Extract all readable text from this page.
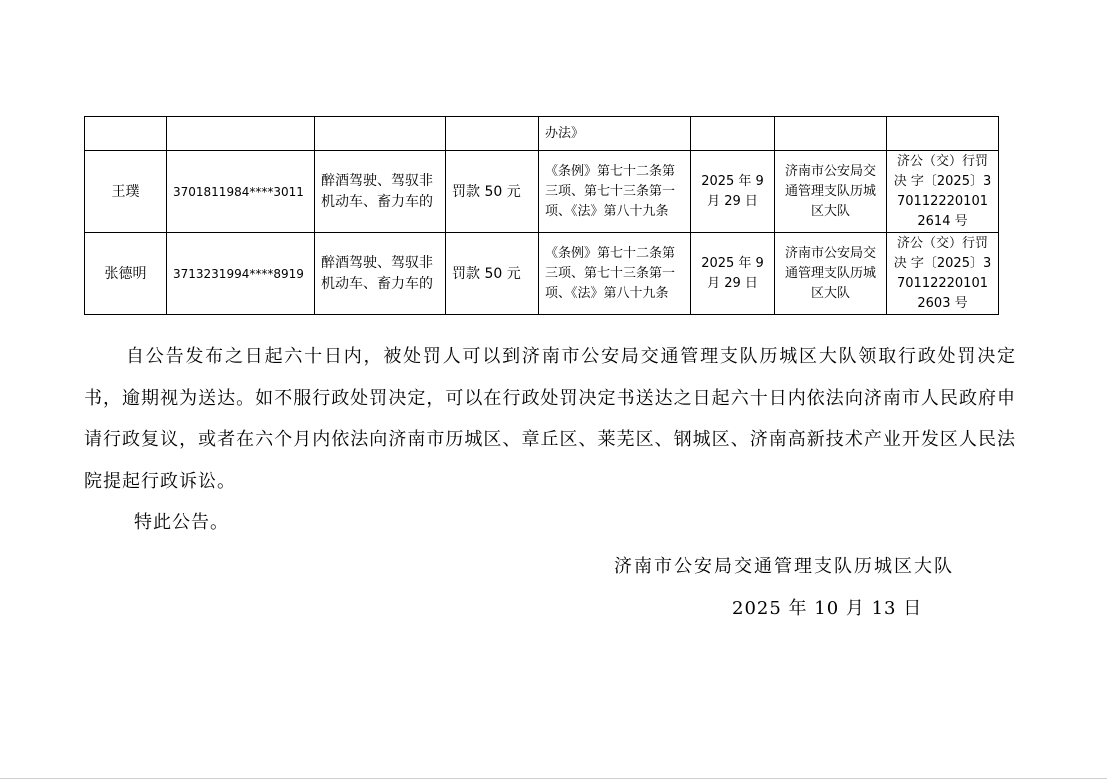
				办法》			
王璞	3701811984****3011	醉酒驾驶、驾驭非机动车、畜力车的	罚款 50 元	《条例》第七十二条第三项、第七十三条第一项、《法》第八十九条	2025 年 9 月 29 日	济南市公安局交通管理支队历城区大队	济公（交）行罚决 字〔2025〕3701122201012614 号
张德明	3713231994****8919	醉酒驾驶、驾驭非机动车、畜力车的	罚款 50 元	《条例》第七十二条第三项、第七十三条第一项、《法》第八十九条	2025 年 9 月 29 日	济南市公安局交通管理支队历城区大队	济公（交）行罚决 字〔2025〕3701122201012603 号

自公告发布之日起六十日内，被处罚人可以到济南市公安局交通管理支队历城区大队领取行政处罚决定书，逾期视为送达。如不服行政处罚决定，可以在行政处罚决定书送达之日起六十日内依法向济南市人民政府申请行政复议，或者在六个月内依法向济南市历城区、章丘区、莱芜区、钢城区、济南高新技术产业开发区人民法院提起行政诉讼。

特此公告。

济南市公安局交通管理支队历城区大队
2025 年 10 月 13 日
